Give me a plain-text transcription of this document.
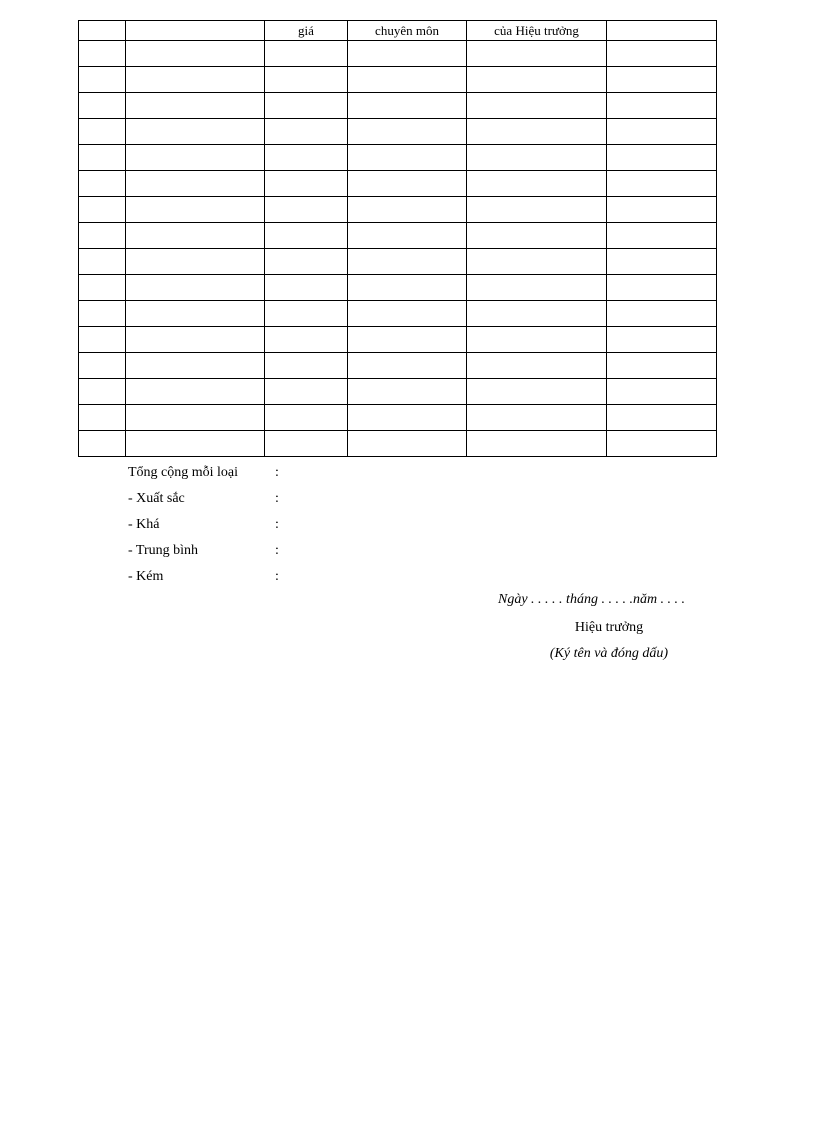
		giá	chuyên môn	của Hiệu trưởng	

Tổng cộng mỗi loại	:
- Xuất sắc	:
- Khá	:
- Trung bình	:
- Kém	:
Ngày . . . . . tháng . . . . .năm . . . .
Hiệu trưởng
(Ký tên và đóng dấu)
